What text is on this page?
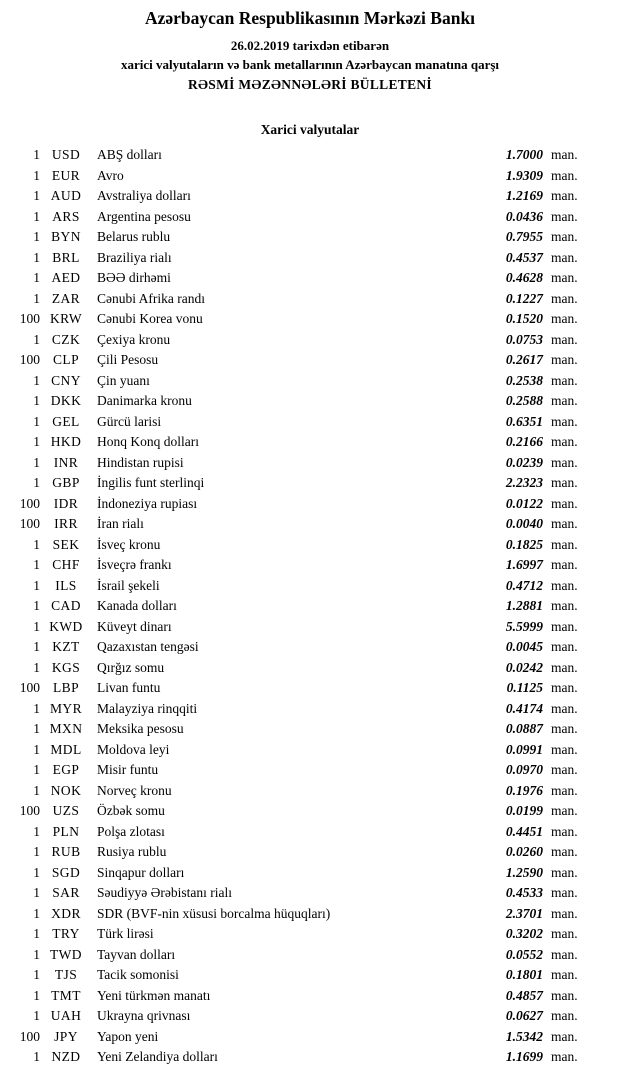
Azərbaycan Respublikasının Mərkəzi Bankı
26.02.2019 tarixdən etibarən
xarici valyutaların və bank metallarının Azərbaycan manatına qarşı
RƏSMİ MƏZƏNNƏLƏRİ BÜLLETENİ
Xarici valyutalar
1 USD	ABŞ dolları	1.7000 man.
1 EUR	Avro	1.9309 man.
1 AUD	Avstraliya dolları	1.2169 man.
1 ARS	Argentina pesosu	0.0436 man.
1 BYN	Belarus rublu	0.7955 man.
1 BRL	Braziliya rialı	0.4537 man.
1 AED	BƏƏ dirhəmi	0.4628 man.
1 ZAR	Cənubi Afrika randı	0.1227 man.
100 KRW	Cənubi Korea vonu	0.1520 man.
1 CZK	Çexiya kronu	0.0753 man.
100 CLP	Çili Pesosu	0.2617 man.
1 CNY	Çin yuanı	0.2538 man.
1 DKK	Danimarka kronu	0.2588 man.
1 GEL	Gürcü larisi	0.6351 man.
1 HKD	Honq Konq dolları	0.2166 man.
1	INR	Hindistan rupisi	0.0239 man.
1 GBP	İngilis funt sterlinqi	2.2323 man.
100	IDR	İndoneziya rupiası	0.0122 man.
100	IRR	İran rialı	0.0040 man.
1 SEK	İsveç kronu	0.1825 man.
1 CHF	İsveçrə frankı	1.6997 man.
1	ILS	İsrail şekeli	0.4712 man.
1 CAD	Kanada dolları	1.2881 man.
1 KWD	Küveyt dinarı	5.5999 man.
1 KZT	Qazaxıstan tengəsi	0.0045 man.
1 KGS	Qırğız somu	0.0242 man.
100 LBP	Livan funtu	0.1125 man.
1 MYR	Malayziya rinqqiti	0.4174 man.
1 MXN	Meksika pesosu	0.0887 man.
1 MDL	Moldova leyi	0.0991 man.
1 EGP	Misir funtu	0.0970 man.
1 NOK	Norveç kronu	0.1976 man.
100 UZS	Özbək somu	0.0199 man.
1 PLN	Polşa zlotası	0.4451 man.
1 RUB	Rusiya rublu	0.0260 man.
1 SGD	Sinqapur dolları	1.2590 man.
1 SAR	Səudiyyə Ərəbistanı rialı	0.4533 man.
1 XDR	SDR (BVF-nin xüsusi borcalma hüquqları)	2.3701 man.
1 TRY	Türk lirəsi	0.3202 man.
1 TWD	Tayvan dolları	0.0552 man.
1	TJS	Tacik somonisi	0.1801 man.
1 TMT	Yeni türkmən manatı	0.4857 man.
1 UAH	Ukrayna qrivnası	0.0627 man.
100	JPY	Yapon yeni	1.5342 man.
1 NZD	Yeni Zelandiya dolları	1.1699 man.
